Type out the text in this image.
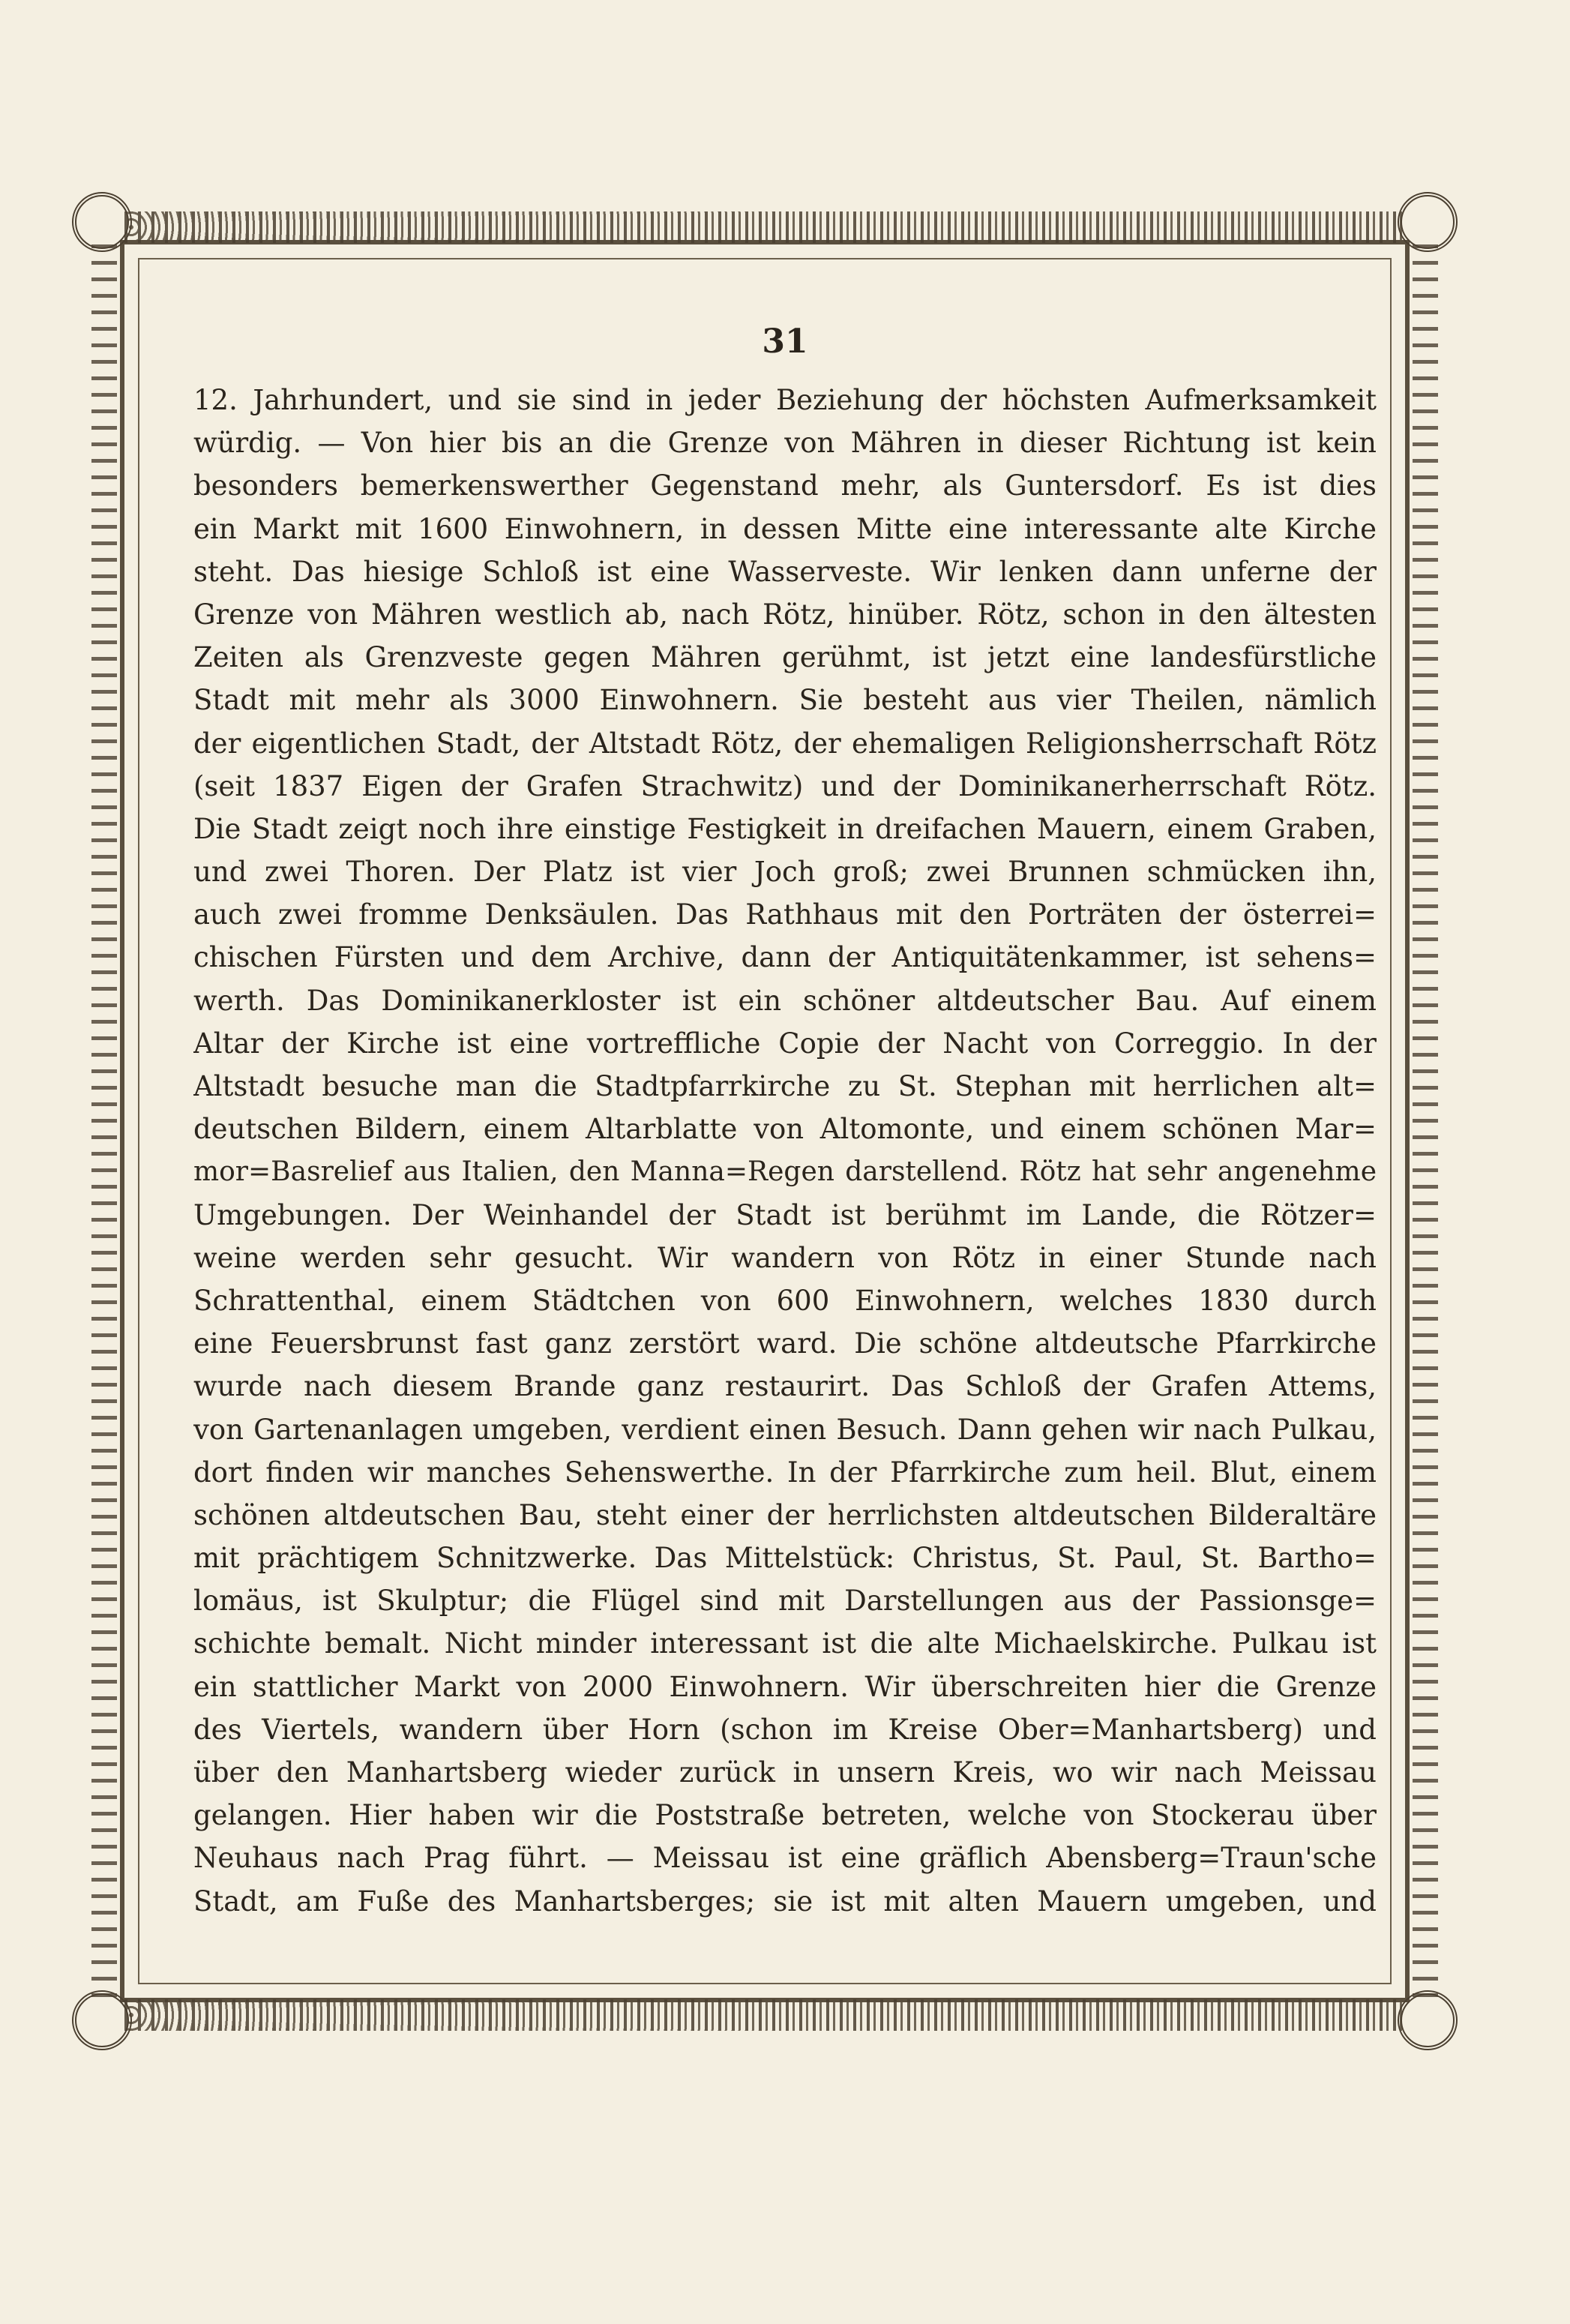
31
12. Jahrhundert, und sie sind in jeder Beziehung der höchsten Aufmerksamkeit
würdig. — Von hier bis an die Grenze von Mähren in dieser Richtung ist kein
besonders bemerkenswerther Gegenstand mehr, als Guntersdorf. Es ist dies
ein Markt mit 1600 Einwohnern, in dessen Mitte eine interessante alte Kirche
steht. Das hiesige Schloß ist eine Wasserveste. Wir lenken dann unferne der
Grenze von Mähren westlich ab, nach Rötz, hinüber. Rötz, schon in den ältesten
Zeiten als Grenzveste gegen Mähren gerühmt, ist jetzt eine landesfürstliche
Stadt mit mehr als 3000 Einwohnern. Sie besteht aus vier Theilen, nämlich
der eigentlichen Stadt, der Altstadt Rötz, der ehemaligen Religionsherrschaft Rötz
(seit 1837 Eigen der Grafen Strachwitz) und der Dominikanerherrschaft Rötz.
Die Stadt zeigt noch ihre einstige Festigkeit in dreifachen Mauern, einem Graben,
und zwei Thoren. Der Platz ist vier Joch groß; zwei Brunnen schmücken ihn,
auch zwei fromme Denksäulen. Das Rathhaus mit den Porträten der österrei=
chischen Fürsten und dem Archive, dann der Antiquitätenkammer, ist sehens=
werth. Das Dominikanerkloster ist ein schöner altdeutscher Bau. Auf einem
Altar der Kirche ist eine vortreffliche Copie der Nacht von Correggio. In der
Altstadt besuche man die Stadtpfarrkirche zu St. Stephan mit herrlichen alt=
deutschen Bildern, einem Altarblatte von Altomonte, und einem schönen Mar=
mor=Basrelief aus Italien, den Manna=Regen darstellend. Rötz hat sehr angenehme
Umgebungen. Der Weinhandel der Stadt ist berühmt im Lande, die Rötzer=
weine werden sehr gesucht. Wir wandern von Rötz in einer Stunde nach
Schrattenthal, einem Städtchen von 600 Einwohnern, welches 1830 durch
eine Feuersbrunst fast ganz zerstört ward. Die schöne altdeutsche Pfarrkirche
wurde nach diesem Brande ganz restaurirt. Das Schloß der Grafen Attems,
von Gartenanlagen umgeben, verdient einen Besuch. Dann gehen wir nach Pulkau,
dort finden wir manches Sehenswerthe. In der Pfarrkirche zum heil. Blut, einem
schönen altdeutschen Bau, steht einer der herrlichsten altdeutschen Bilderaltäre
mit prächtigem Schnitzwerke. Das Mittelstück: Christus, St. Paul, St. Bartho=
lomäus, ist Skulptur; die Flügel sind mit Darstellungen aus der Passionsge=
schichte bemalt. Nicht minder interessant ist die alte Michaelskirche. Pulkau ist
ein stattlicher Markt von 2000 Einwohnern. Wir überschreiten hier die Grenze
des Viertels, wandern über Horn (schon im Kreise Ober=Manhartsberg) und
über den Manhartsberg wieder zurück in unsern Kreis, wo wir nach Meissau
gelangen. Hier haben wir die Poststraße betreten, welche von Stockerau über
Neuhaus nach Prag führt. — Meissau ist eine gräflich Abensberg=Traun'sche
Stadt, am Fuße des Manhartsberges; sie ist mit alten Mauern umgeben, und
